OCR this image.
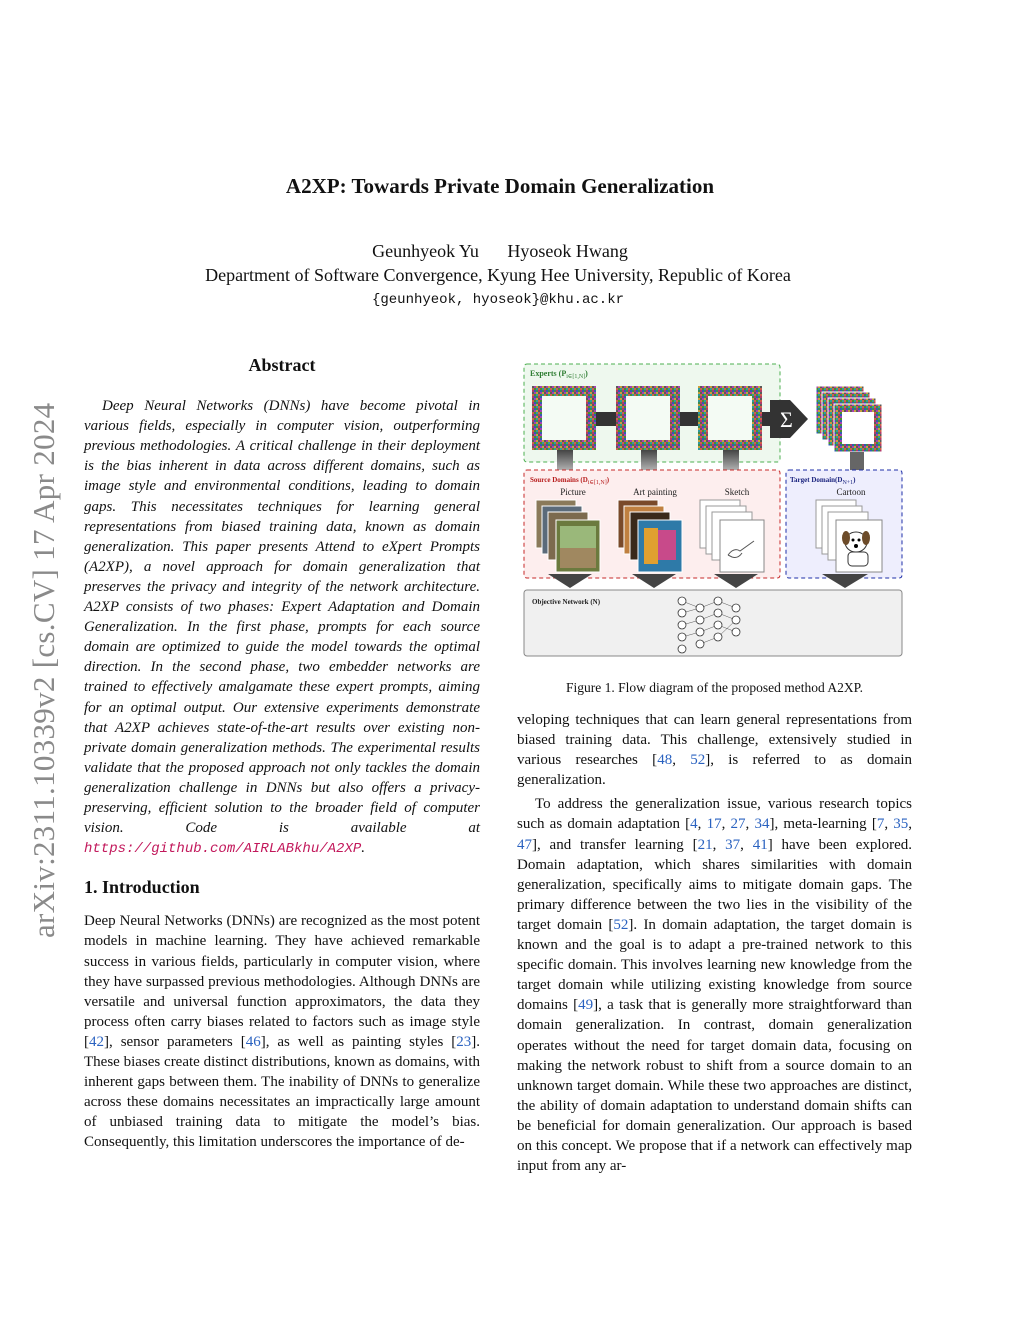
A2XP: Towards Private Domain Generalization
Geunhyeok Yu Hyoseok Hwang
Department of Software Convergence, Kyung Hee University, Republic of Korea
{geunhyeok, hyoseok}@khu.ac.kr
arXiv:2311.10339v2 [cs.CV] 17 Apr 2024

Abstract

Deep Neural Networks (DNNs) have become pivotal in various fields, especially in computer vision, outperforming previous methodologies. A critical challenge in their deployment is the bias inherent in data across different domains, such as image style and environmental conditions, leading to domain gaps. This necessitates techniques for learning general representations from biased training data, known as domain generalization. This paper presents Attend to eXpert Prompts (A2XP), a novel approach for domain generalization that preserves the privacy and integrity of the network architecture. A2XP consists of two phases: Expert Adaptation and Domain Generalization. In the first phase, prompts for each source domain are optimized to guide the model towards the optimal direction. In the second phase, two embedder networks are trained to effectively amalgamate these expert prompts, aiming for an optimal output. Our extensive experiments demonstrate that A2XP achieves state-of-the-art results over existing non-private domain generalization methods. The experimental results validate that the proposed approach not only tackles the domain generalization challenge in DNNs but also offers a privacy-preserving, efficient solution to the broader field of computer vision. Code is available at https://github.com/AIRLABkhu/A2XP.

1. Introduction

Deep Neural Networks (DNNs) are recognized as the most potent models in machine learning. They have achieved remarkable success in various fields, particularly in computer vision, where they have surpassed previous methodologies. Although DNNs are versatile and universal function approximators, the data they process often carry biases related to factors such as image style [42], sensor parameters [46], as well as painting styles [23]. These biases create distinct distributions, known as domains, with inherent gaps between them. The inability of DNNs to generalize across these domains necessitates an impractically large amount of unbiased training data to mitigate the model’s bias. Consequently, this limitation underscores the importance of de-

Experts $(P_{i\in[1,N]})$
Σ
Source Domains (Di∈[1,N])
Picture	Art painting	Sketch
Target Domain(DN+1)
Cartoon
Objective Network (N)
Figure 1. Flow diagram of the proposed method A2XP.

veloping techniques that can learn general representations from biased training data. This challenge, extensively studied in various researches [48, 52], is referred to as domain generalization.

To address the generalization issue, various research topics such as domain adaptation [4, 17, 27, 34], meta-learning [7, 35, 47], and transfer learning [21, 37, 41] have been explored. Domain adaptation, which shares similarities with domain generalization, specifically aims to mitigate domain gaps. The primary difference between the two lies in the visibility of the target domain [52]. In domain adaptation, the target domain is known and the goal is to adapt a pre-trained network to this specific domain. This involves learning new knowledge from the target domain while utilizing existing knowledge from source domains [49], a task that is generally more straightforward than domain generalization. In contrast, domain generalization operates without the need for target domain data, focusing on making the network robust to shift from a source domain to an unknown target domain. While these two approaches are distinct, the ability of domain adaptation to understand domain shifts can be beneficial for domain generalization. Our approach is based on this concept. We propose that if a network can effectively map input from any ar-
